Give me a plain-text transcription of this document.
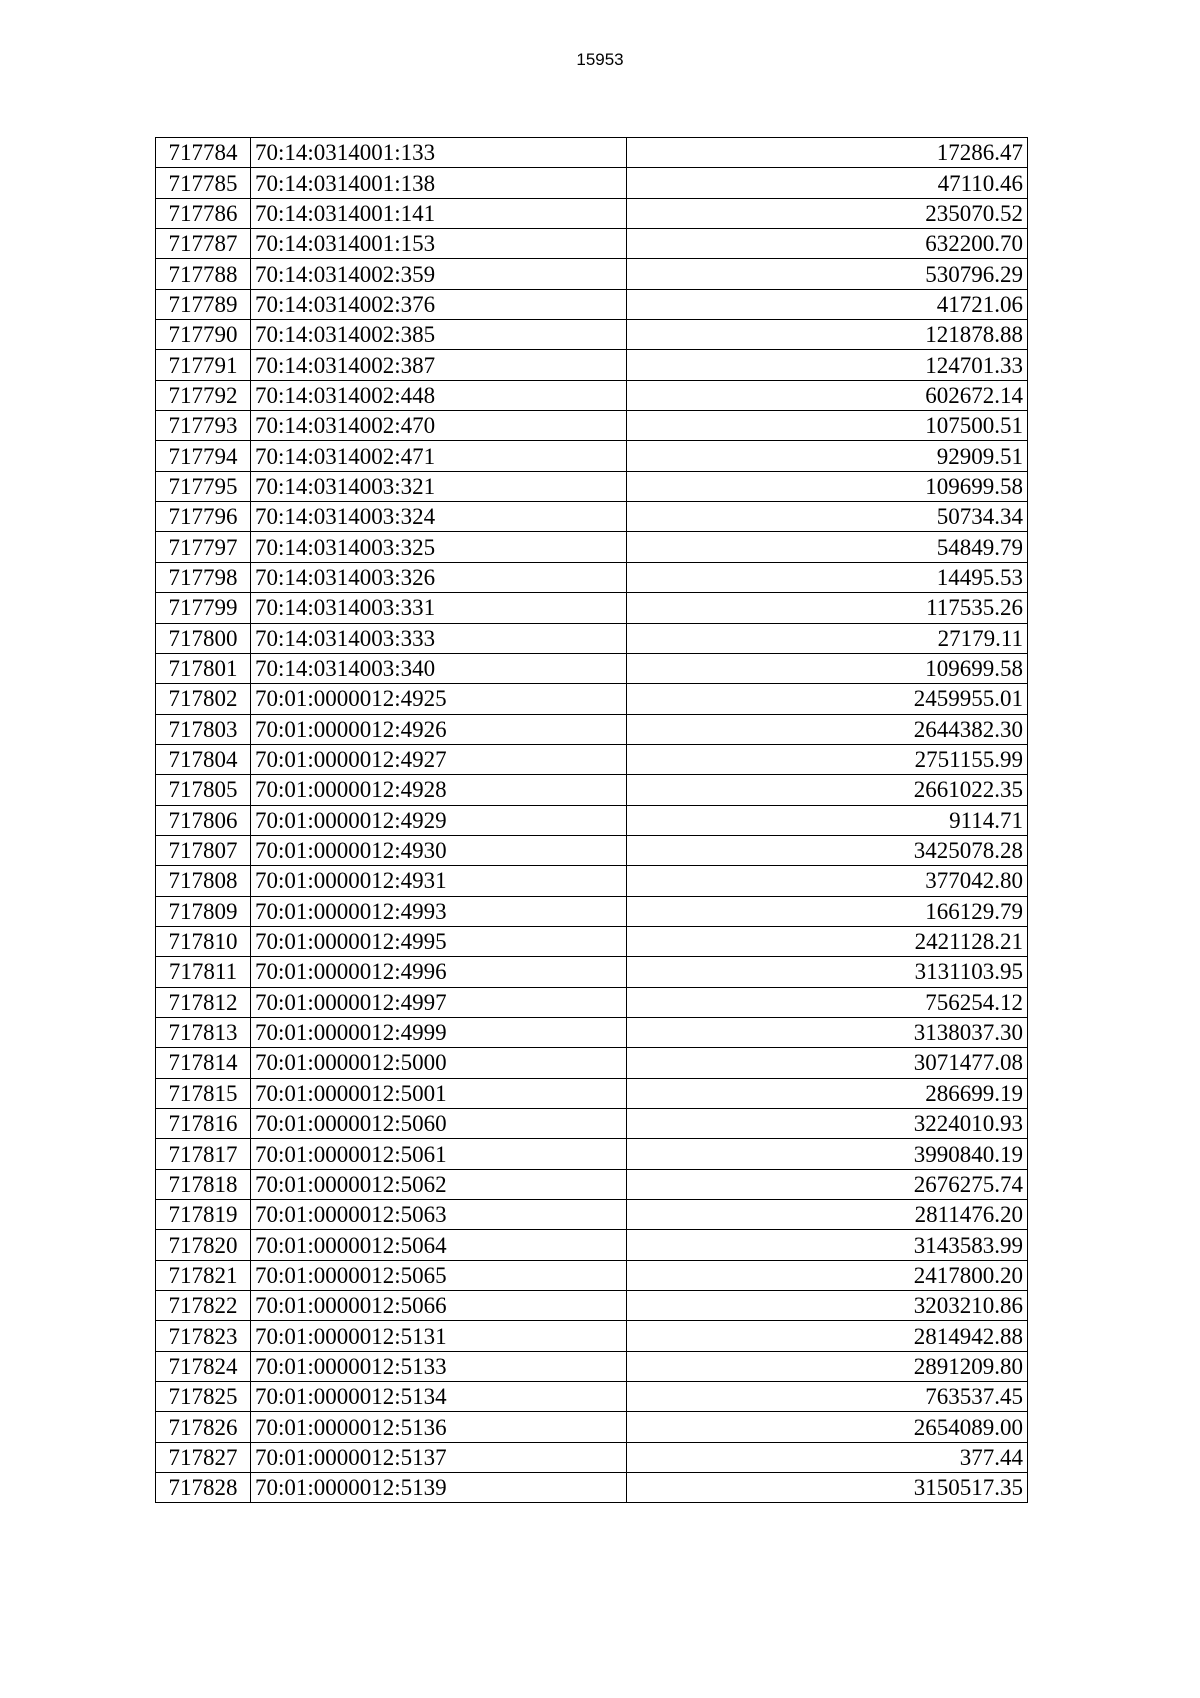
15953
717784	70:14:0314001:133	17286.47
717785	70:14:0314001:138	47110.46
717786	70:14:0314001:141	235070.52
717787	70:14:0314001:153	632200.70
717788	70:14:0314002:359	530796.29
717789	70:14:0314002:376	41721.06
717790	70:14:0314002:385	121878.88
717791	70:14:0314002:387	124701.33
717792	70:14:0314002:448	602672.14
717793	70:14:0314002:470	107500.51
717794	70:14:0314002:471	92909.51
717795	70:14:0314003:321	109699.58
717796	70:14:0314003:324	50734.34
717797	70:14:0314003:325	54849.79
717798	70:14:0314003:326	14495.53
717799	70:14:0314003:331	117535.26
717800	70:14:0314003:333	27179.11
717801	70:14:0314003:340	109699.58
717802	70:01:0000012:4925	2459955.01
717803	70:01:0000012:4926	2644382.30
717804	70:01:0000012:4927	2751155.99
717805	70:01:0000012:4928	2661022.35
717806	70:01:0000012:4929	9114.71
717807	70:01:0000012:4930	3425078.28
717808	70:01:0000012:4931	377042.80
717809	70:01:0000012:4993	166129.79
717810	70:01:0000012:4995	2421128.21
717811	70:01:0000012:4996	3131103.95
717812	70:01:0000012:4997	756254.12
717813	70:01:0000012:4999	3138037.30
717814	70:01:0000012:5000	3071477.08
717815	70:01:0000012:5001	286699.19
717816	70:01:0000012:5060	3224010.93
717817	70:01:0000012:5061	3990840.19
717818	70:01:0000012:5062	2676275.74
717819	70:01:0000012:5063	2811476.20
717820	70:01:0000012:5064	3143583.99
717821	70:01:0000012:5065	2417800.20
717822	70:01:0000012:5066	3203210.86
717823	70:01:0000012:5131	2814942.88
717824	70:01:0000012:5133	2891209.80
717825	70:01:0000012:5134	763537.45
717826	70:01:0000012:5136	2654089.00
717827	70:01:0000012:5137	377.44
717828	70:01:0000012:5139	3150517.35
